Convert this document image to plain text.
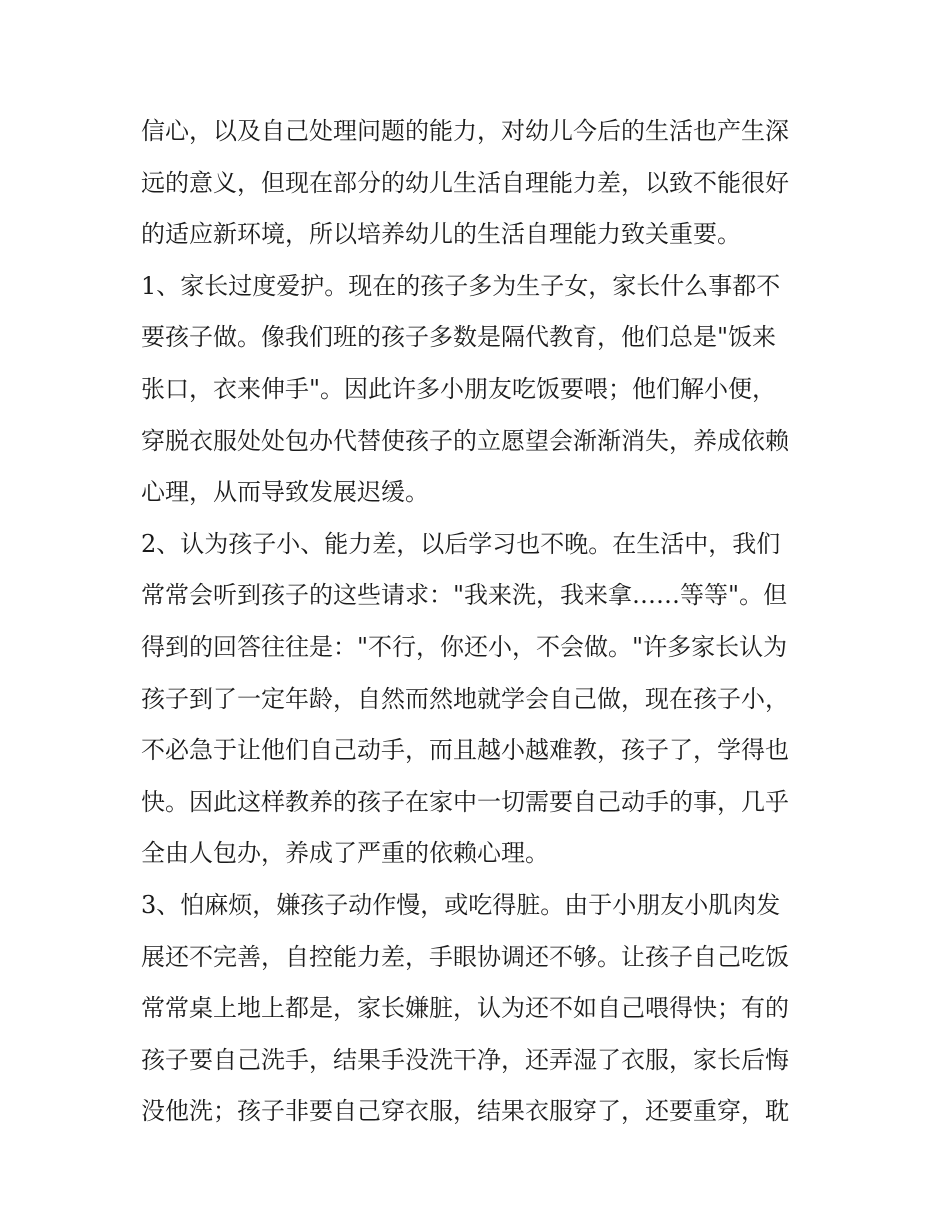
信心，以及自己处理问题的能力，对幼儿今后的生活也产生深

远的意义，但现在部分的幼儿生活自理能力差，以致不能很好

的适应新环境，所以培养幼儿的生活自理能力致关重要。

1、家长过度爱护。现在的孩子多为生子女，家长什么事都不

要孩子做。像我们班的孩子多数是隔代教育，他们总是"饭来

张口，衣来伸手"。因此许多小朋友吃饭要喂；他们解小便，

穿脱衣服处处包办代替使孩子的立愿望会渐渐消失，养成依赖

心理，从而导致发展迟缓。

2、认为孩子小、能力差，以后学习也不晚。在生活中，我们

常常会听到孩子的这些请求："我来洗，我来拿……等等"。但

得到的回答往往是："不行，你还小，不会做。"许多家长认为

孩子到了一定年龄，自然而然地就学会自己做，现在孩子小，

不必急于让他们自己动手，而且越小越难教，孩子了，学得也

快。因此这样教养的孩子在家中一切需要自己动手的事，几乎

全由人包办，养成了严重的依赖心理。

3、怕麻烦，嫌孩子动作慢，或吃得脏。由于小朋友小肌肉发

展还不完善，自控能力差，手眼协调还不够。让孩子自己吃饭

常常桌上地上都是，家长嫌脏，认为还不如自己喂得快；有的

孩子要自己洗手，结果手没洗干净，还弄湿了衣服，家长后悔

没他洗；孩子非要自己穿衣服，结果衣服穿了，还要重穿，耽
